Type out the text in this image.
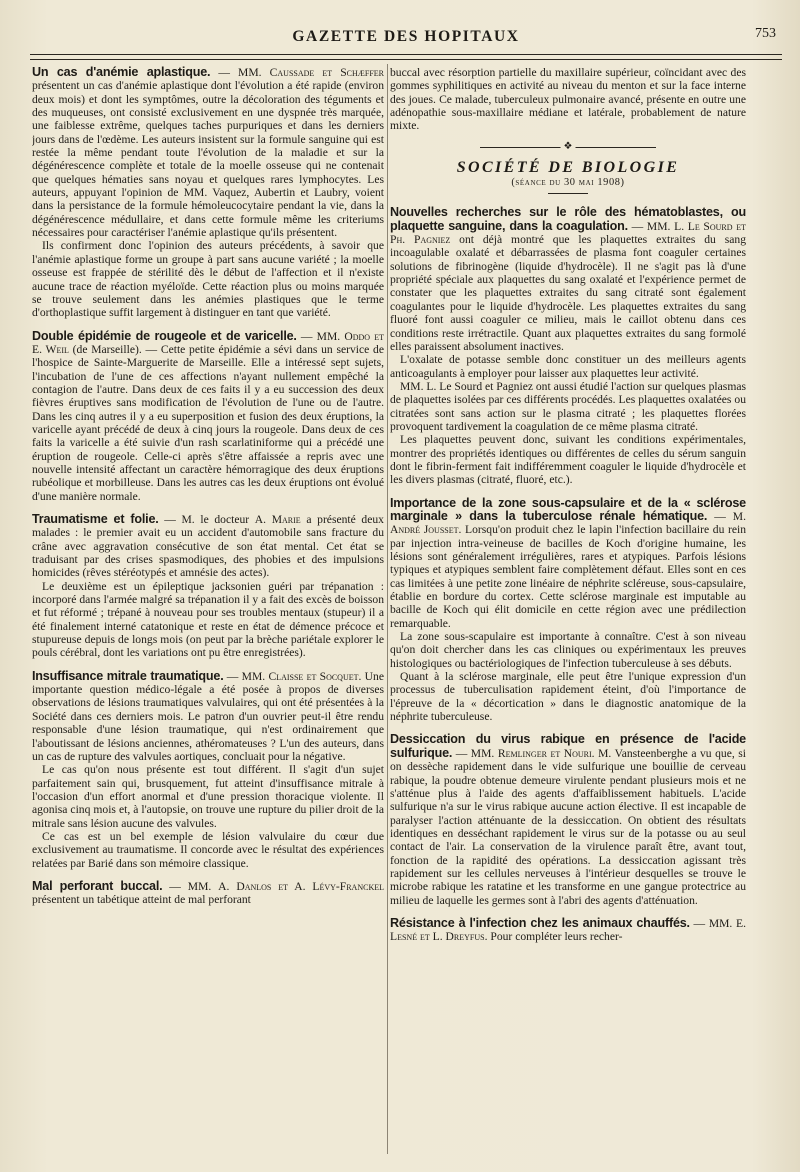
GAZETTE DES HOPITAUX	753

Un cas d'anémie aplastique. — MM. Caussade et Schæffer présentent un cas d'anémie aplastique dont l'évolution a été rapide (environ deux mois) et dont les symptômes, outre la décoloration des téguments et des muqueuses, ont consisté exclusivement en une dyspnée très marquée, une faiblesse extrême, quelques taches purpuriques et dans les derniers jours dans de l'œdème. Les auteurs insistent sur la formule sanguine qui est restée la même pendant toute l'évolution de la maladie et sur la dégénérescence complète et totale de la moelle osseuse qui ne contenait que quelques hématies sans noyau et quelques rares lymphocytes. Les auteurs, appuyant l'opinion de MM. Vaquez, Aubertin et Laubry, voient dans la persistance de la formule hémoleucocytaire pendant la vie, dans la dégénérescence médullaire, et dans cette formule même les criteriums nécessaires pour caractériser l'anémie aplastique qu'ils présentent.

Ils confirment donc l'opinion des auteurs précédents, à savoir que l'anémie aplastique forme un groupe à part sans aucune variété ; la moelle osseuse est frappée de stérilité dès le début de l'affection et il n'existe aucune trace de réaction myéloïde. Cette réaction plus ou moins marquée se trouve seulement dans les anémies plastiques que le terme d'orthoplastique suffit largement à distinguer en tant que variété.

Double épidémie de rougeole et de varicelle. — MM. Oddo et E. Weil (de Marseille). — Cette petite épidémie a sévi dans un service de l'hospice de Sainte-Marguerite de Marseille. Elle a intéressé sept sujets, l'incubation de l'une de ces affections n'ayant nullement empêché la contagion de l'autre. Dans deux de ces faits il y a eu succession des deux fièvres éruptives sans modification de l'évolution de l'une ou de l'autre. Dans les cinq autres il y a eu superposition et fusion des deux éruptions, la varicelle ayant précédé de deux à cinq jours la rougeole. Dans deux de ces faits la varicelle a été suivie d'un rash scarlatiniforme qui a précédé une éruption de rougeole. Celle-ci après s'être affaissée a repris avec une nouvelle intensité affectant un caractère hémorragique des deux éruptions rubéolique et morbilleuse. Dans les autres cas les deux éruptions ont évolué d'une manière normale.

Traumatisme et folie. — M. le docteur A. Marie a présenté deux malades : le premier avait eu un accident d'automobile sans fracture du crâne avec aggravation consécutive de son état mental. Cet état se traduisant par des crises spasmodiques, des phobies et des impulsions homicides (rêves stéréotypés et amnésie des actes).

Le deuxième est un épileptique jacksonien guéri par trépanation : incorporé dans l'armée malgré sa trépanation il y a fait des excès de boisson et fut réformé ; trépané à nouveau pour ses troubles mentaux (stupeur) il a été finalement interné catatonique et reste en état de démence précoce et stupureuse depuis de longs mois (on peut par la brèche pariétale explorer le pouls cérébral, dont les variations ont pu être enregistrées).

Insuffisance mitrale traumatique. — MM. Claisse et Socquet. Une importante question médico-légale a été posée à propos de diverses observations de lésions traumatiques valvulaires, qui ont été présentées à la Société dans ces derniers mois. Le patron d'un ouvrier peut-il être rendu responsable d'une lésion traumatique, qui n'est ordinairement que l'aboutissant de lésions anciennes, athéromateuses ? L'un des auteurs, dans un cas de rupture des valvules aortiques, concluait pour la négative.

Le cas qu'on nous présente est tout différent. Il s'agit d'un sujet parfaitement sain qui, brusquement, fut atteint d'insuffisance mitrale à l'occasion d'un effort anormal et d'une pression thoracique violente. Il agonisa cinq mois et, à l'autopsie, on trouve une rupture du pilier droit de la mitrale sans lésion aucune des valvules.

Ce cas est un bel exemple de lésion valvulaire du cœur due exclusivement au traumatisme. Il concorde avec le résultat des expériences relatées par Barié dans son mémoire classique.

Mal perforant buccal. — MM. A. Danlos et A. Lévy-Franckel présentent un tabétique atteint de mal perforant

buccal avec résorption partielle du maxillaire supérieur, coïncidant avec des gommes syphilitiques en activité au niveau du menton et sur la face interne des joues. Ce malade, tuberculeux pulmonaire avancé, présente en outre une adénopathie sous-maxillaire médiane et latérale, probablement de nature mixte.

❖
SOCIÉTÉ DE BIOLOGIE
(séance du 30 mai 1908)

Nouvelles recherches sur le rôle des hématoblastes, ou plaquette sanguine, dans la coagulation. — MM. L. Le Sourd et Ph. Pagniez ont déjà montré que les plaquettes extraites du sang incoagulable oxalaté et débarrassées de plasma font coaguler certaines solutions de fibrinogène (liquide d'hydrocèle). Il ne s'agit pas là d'une propriété spéciale aux plaquettes du sang oxalaté et l'expérience permet de constater que les plaquettes extraites du sang citraté sont également coagulantes pour le liquide d'hydrocèle. Les plaquettes extraites du sang fluoré font aussi coaguler ce milieu, mais le caillot obtenu dans ces conditions reste irrétractile. Quant aux plaquettes extraites du sang formolé elles paraissent absolument inactives.

L'oxalate de potasse semble donc constituer un des meilleurs agents anticoagulants à employer pour laisser aux plaquettes leur activité.

MM. L. Le Sourd et Pagniez ont aussi étudié l'action sur quelques plasmas de plaquettes isolées par ces différents procédés. Les plaquettes oxalatées ou citratées sont sans action sur le plasma citraté ; les plaquettes florées provoquent tardivement la coagulation de ce même plasma citraté.

Les plaquettes peuvent donc, suivant les conditions expérimentales, montrer des propriétés identiques ou différentes de celles du sérum sanguin dont le fibrin-ferment fait indifféremment coaguler le liquide d'hydrocèle et les divers plasmas (citraté, fluoré, etc.).

Importance de la zone sous-capsulaire et de la « sclérose marginale » dans la tuberculose rénale hématique. — M. André Jousset. Lorsqu'on produit chez le lapin l'infection bacillaire du rein par injection intra-veineuse de bacilles de Koch d'origine humaine, les lésions sont généralement irrégulières, rares et atypiques. Parfois lésions typiques et atypiques semblent faire complètement défaut. Elles sont en ces cas limitées à une petite zone linéaire de néphrite scléreuse, sous-capsulaire, établie en bordure du cortex. Cette sclérose marginale est imputable au bacille de Koch qui élit domicile en cette région avec une prédilection remarquable.

La zone sous-scapulaire est importante à connaître. C'est à son niveau qu'on doit chercher dans les cas cliniques ou expérimentaux les preuves histologiques ou bactériologiques de l'infection tuberculeuse à ses débuts.

Quant à la sclérose marginale, elle peut être l'unique expression d'un processus de tuberculisation rapidement éteint, d'où l'importance de l'épreuve de la « décortication » dans le diagnostic anatomique de la néphrite tuberculeuse.

Dessiccation du virus rabique en présence de l'acide sulfurique. — MM. Remlinger et Nouri. M. Vansteenberghe a vu que, si on dessèche rapidement dans le vide sulfurique une bouillie de cerveau rabique, la poudre obtenue demeure virulente pendant plusieurs mois et ne s'atténue plus à l'aide des agents d'affaiblissement habituels. L'acide sulfurique n'a sur le virus rabique aucune action élective. Il est incapable de paralyser l'action atténuante de la dessiccation. On obtient des résultats identiques en desséchant rapidement le virus sur de la potasse ou au seul contact de l'air. La conservation de la virulence paraît être, avant tout, fonction de la rapidité des opérations. La dessiccation agissant très rapidement sur les cellules nerveuses à l'intérieur desquelles se trouve le microbe rabique les ratatine et les transforme en une gangue protectrice au milieu de laquelle les germes sont à l'abri des agents d'atténuation.

Résistance à l'infection chez les animaux chauffés. — MM. E. Lesné et L. Dreyfus. Pour compléter leurs recher-
